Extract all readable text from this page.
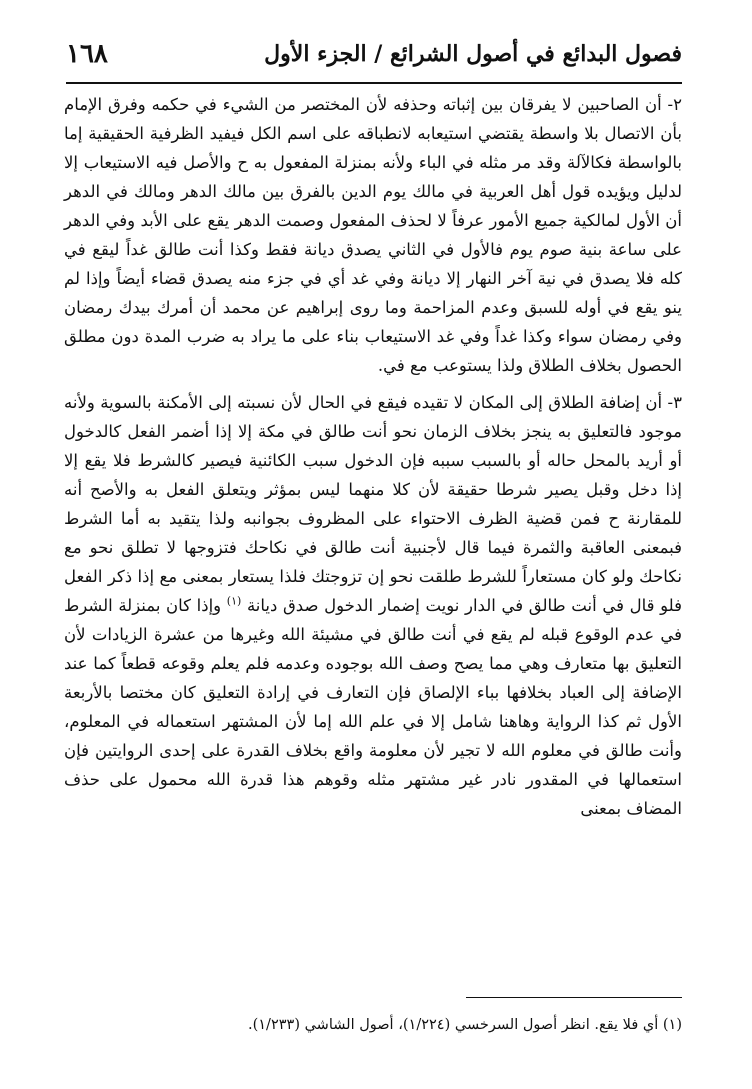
فصول البدائع في أصول الشرائع / الجزء الأول
١٦٨

٢- أن الصاحبين لا يفرقان بين إثباته وحذفه لأن المختصر من الشيء في حكمه وفرق الإمام بأن الاتصال بلا واسطة يقتضي استيعابه لانطباقه على اسم الكل فيفيد الظرفية الحقيقية إما بالواسطة فكالآلة وقد مر مثله في الباء ولأنه بمنزلة المفعول به ح والأصل فيه الاستيعاب إلا لدليل ويؤيده قول أهل العربية في مالك يوم الدين بالفرق بين مالك الدهر ومالك في الدهر أن الأول لمالكية جميع الأمور عرفاً لا لحذف المفعول وصمت الدهر يقع على الأبد وفي الدهر على ساعة بنية صوم يوم فالأول في الثاني يصدق ديانة فقط وكذا أنت طالق غداً ليقع في كله فلا يصدق في نية آخر النهار إلا ديانة وفي غد أي في جزء منه يصدق قضاء أيضاً وإذا لم ينو يقع في أوله للسبق وعدم المزاحمة وما روى إبراهيم عن محمد أن أمرك بيدك رمضان وفي رمضان سواء وكذا غداً وفي غد الاستيعاب بناء على ما يراد به ضرب المدة دون مطلق الحصول بخلاف الطلاق ولذا يستوعب مع في.

٣- أن إضافة الطلاق إلى المكان لا تقيده فيقع في الحال لأن نسبته إلى الأمكنة بالسوية ولأنه موجود فالتعليق به ينجز بخلاف الزمان نحو أنت طالق في مكة إلا إذا أضمر الفعل كالدخول أو أريد بالمحل حاله أو بالسبب سببه فإن الدخول سبب الكائنية فيصير كالشرط فلا يقع إلا إذا دخل وقبل يصير شرطا حقيقة لأن كلا منهما ليس بمؤثر ويتعلق الفعل به والأصح أنه للمقارنة ح فمن قضية الظرف الاحتواء على المظروف بجوانبه ولذا يتقيد به أما الشرط فبمعنى العاقبة والثمرة فيما قال لأجنبية أنت طالق في نكاحك فتزوجها لا تطلق نحو مع نكاحك ولو كان مستعاراً للشرط طلقت نحو إن تزوجتك فلذا يستعار بمعنى مع إذا ذكر الفعل فلو قال في أنت طالق في الدار نويت إضمار الدخول صدق ديانة $^{(١)}$ وإذا كان بمنزلة الشرط في عدم الوقوع قبله لم يقع في أنت طالق في مشيئة الله وغيرها من عشرة الزيادات لأن التعليق بها متعارف وهي مما يصح وصف الله بوجوده وعدمه فلم يعلم وقوعه قطعاً كما عند الإضافة إلى العباد بخلافها بباء الإلصاق فإن التعارف في إرادة التعليق كان مختصا بالأربعة الأول ثم كذا الرواية وهاهنا شامل إلا في علم الله إما لأن المشتهر استعماله في المعلوم، وأنت طالق في معلوم الله لا تجير لأن معلومة واقع بخلاف القدرة على إحدى الروايتين فإن استعمالها في المقدور نادر غير مشتهر مثله وقوهم هذا قدرة الله محمول على حذف المضاف بمعنى

(١) أي فلا يقع. انظر أصول السرخسي (١/٢٢٤)، أصول الشاشي (١/٢٣٣).
